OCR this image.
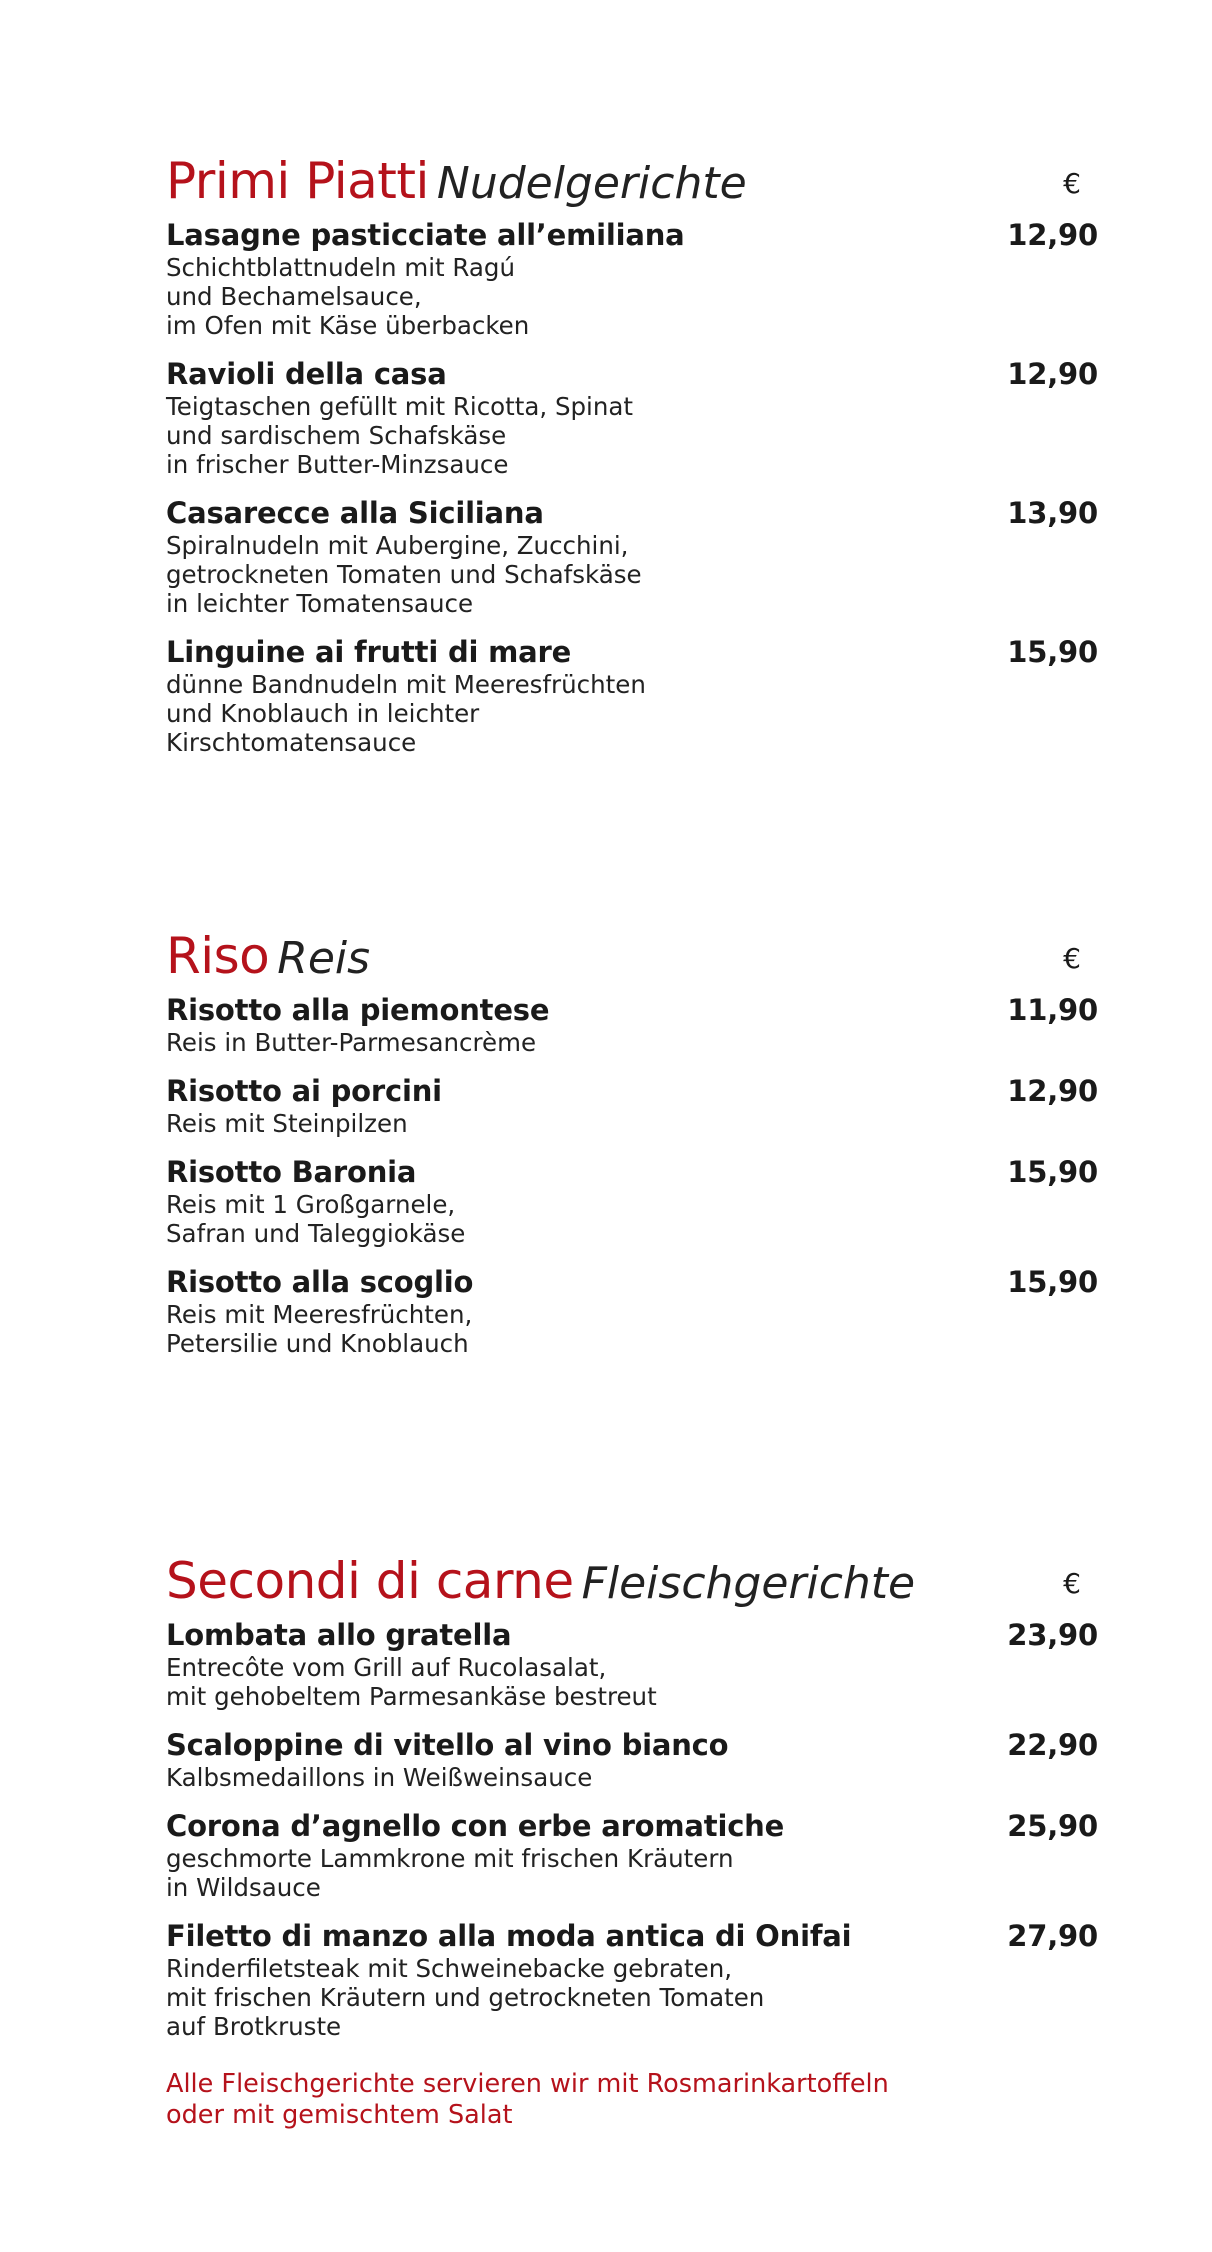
Primi Piatti Nudelgerichte	€
Lasagne pasticciate all’emiliana	12,90
Schichtblattnudeln mit Ragú
und Bechamelsauce,
im Ofen mit Käse überbacken
Ravioli della casa	12,90
Teigtaschen gefüllt mit Ricotta, Spinat
und sardischem Schafskäse
in frischer Butter-Minzsauce
Casarecce alla Siciliana	13,90
Spiralnudeln mit Aubergine, Zucchini,
getrockneten Tomaten und Schafskäse
in leichter Tomatensauce
Linguine ai frutti di mare	15,90
dünne Bandnudeln mit Meeresfrüchten
und Knoblauch in leichter
Kirschtomatensauce
Riso Reis	€
Risotto alla piemontese	11,90
Reis in Butter-Parmesancrème
Risotto ai porcini	12,90
Reis mit Steinpilzen
Risotto Baronia	15,90
Reis mit 1 Großgarnele,
Safran und Taleggiokäse
Risotto alla scoglio	15,90
Reis mit Meeresfrüchten,
Petersilie und Knoblauch
Secondi di carne Fleischgerichte	€
Lombata allo gratella	23,90
Entrecôte vom Grill auf Rucolasalat,
mit gehobeltem Parmesankäse bestreut
Scaloppine di vitello al vino bianco	22,90
Kalbsmedaillons in Weißweinsauce
Corona d’agnello con erbe aromatiche	25,90
geschmorte Lammkrone mit frischen Kräutern
in Wildsauce
Filetto di manzo alla moda antica di Onifai	27,90
Rinderfiletsteak mit Schweinebacke gebraten,
mit frischen Kräutern und getrockneten Tomaten
auf Brotkruste
Alle Fleischgerichte servieren wir mit Rosmarinkartoffeln
oder mit gemischtem Salat
